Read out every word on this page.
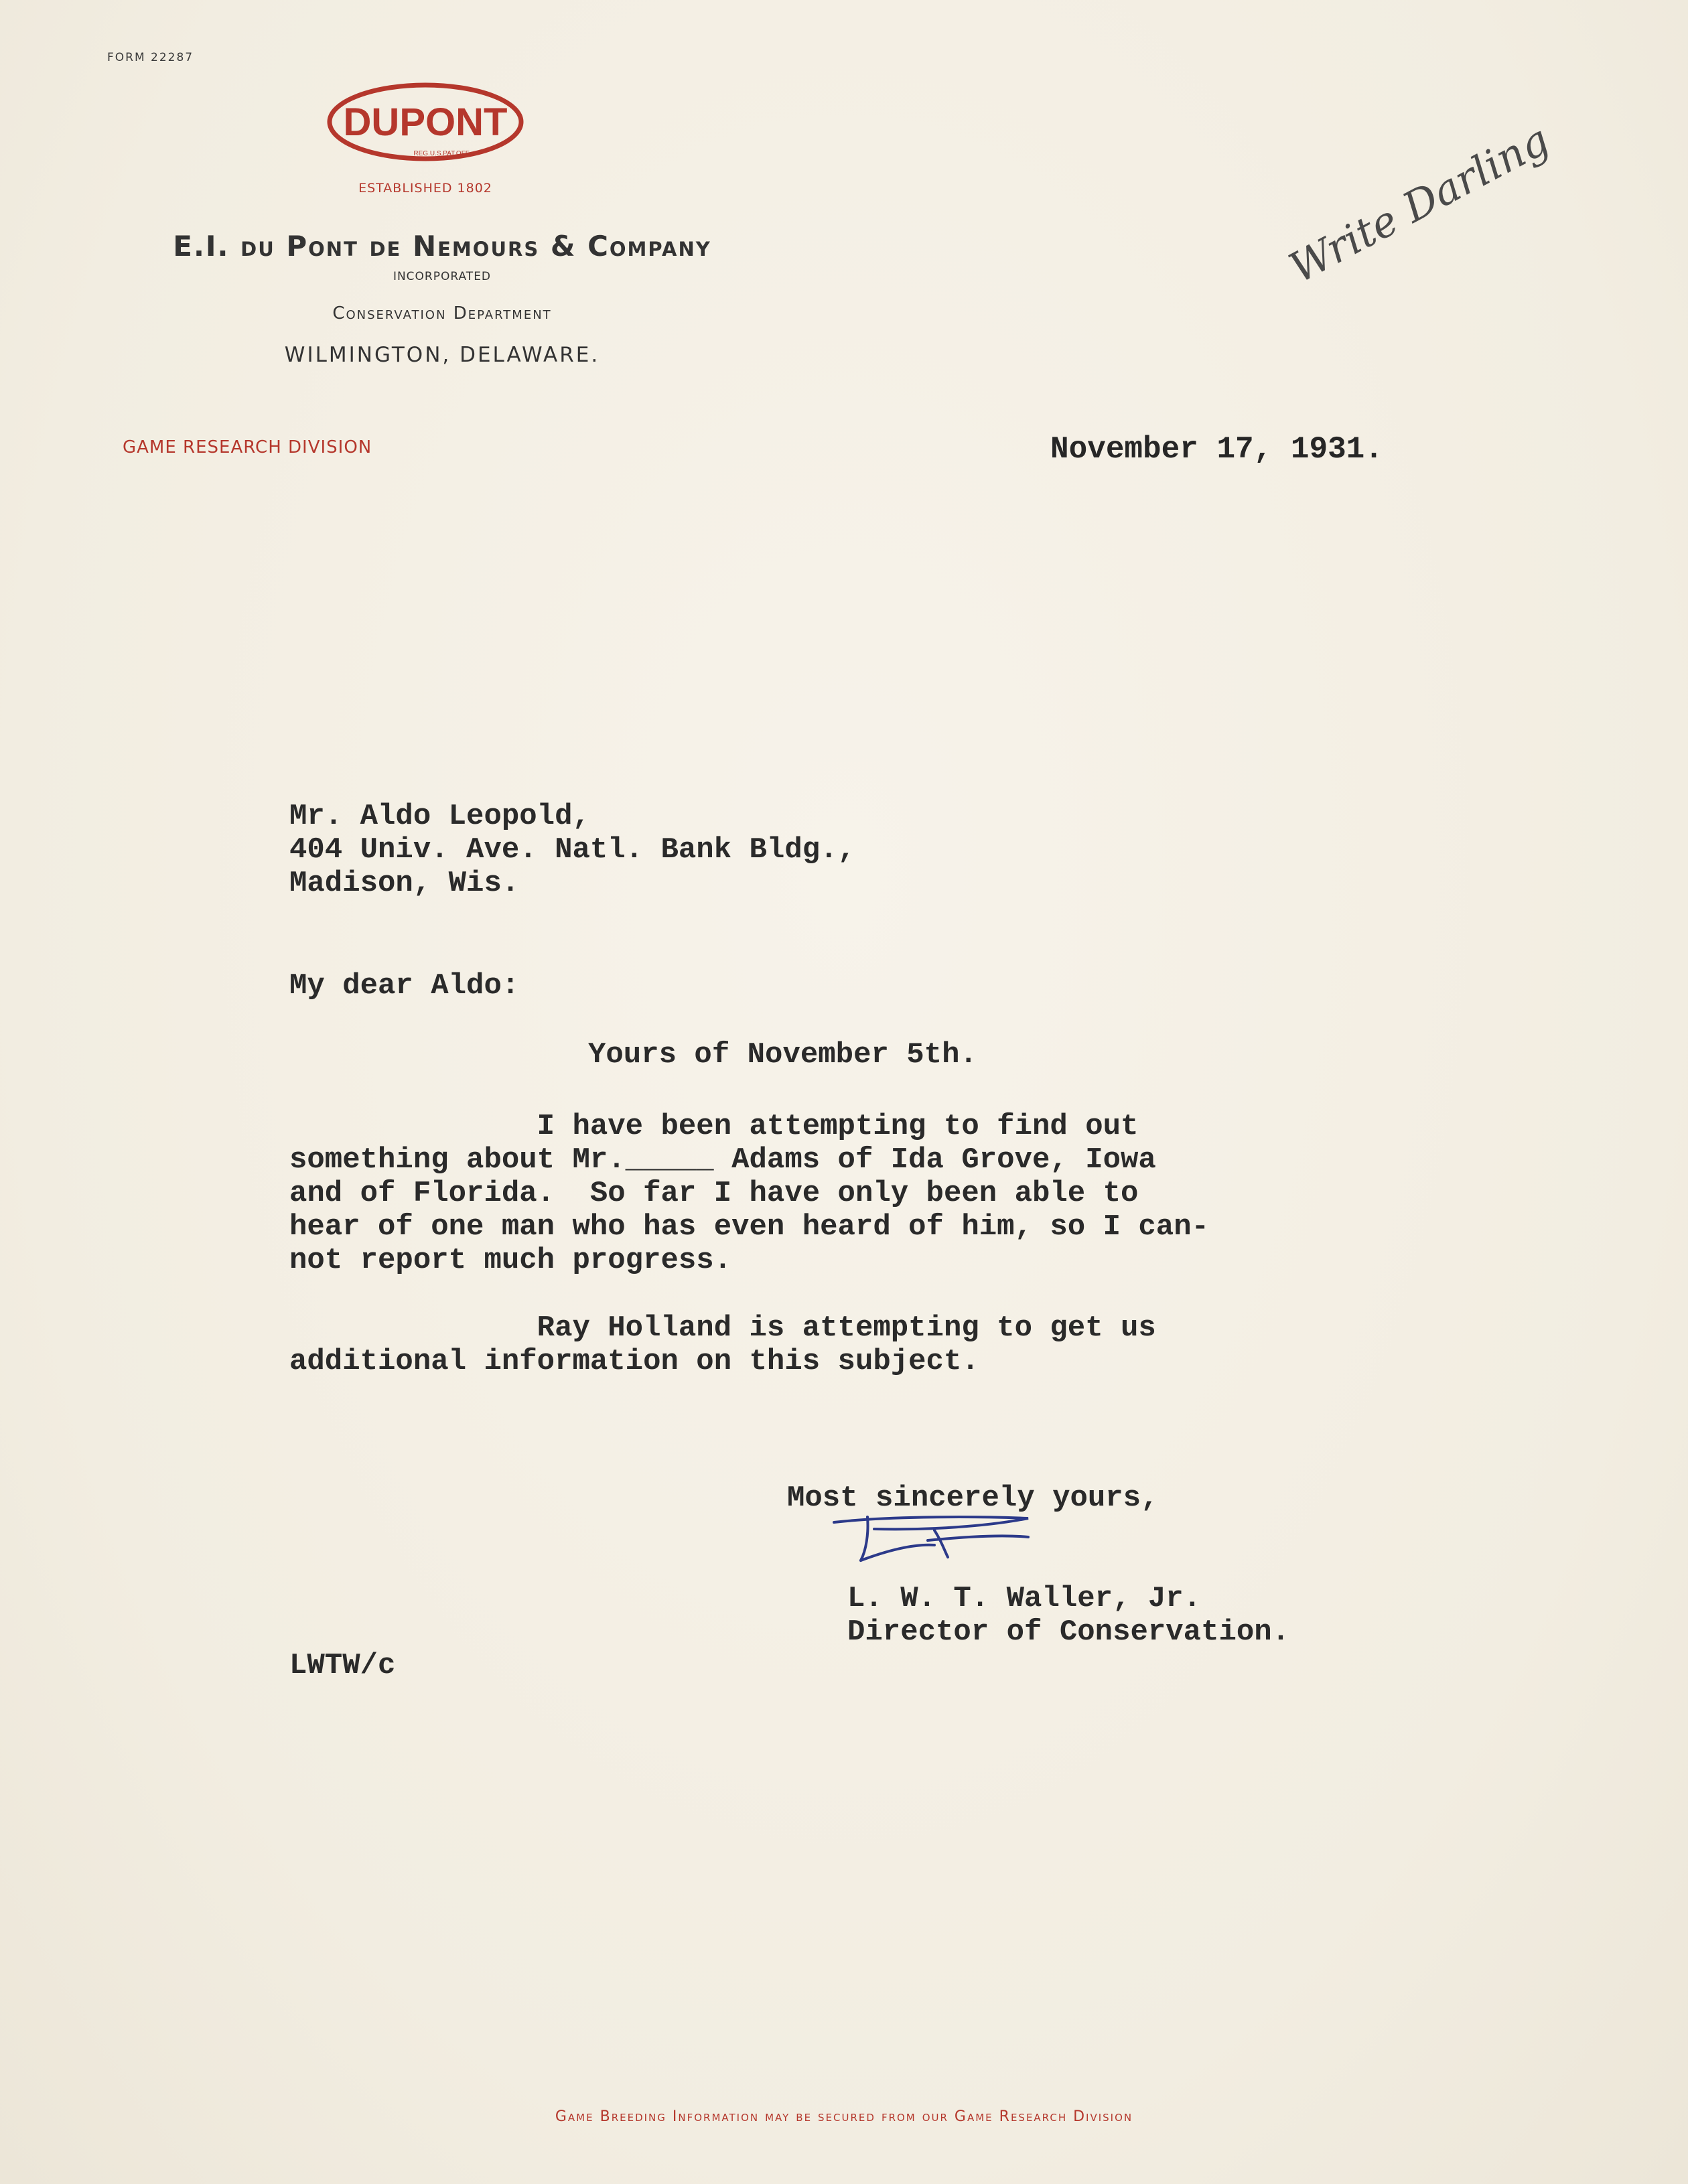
FORM 22287
DUPONT
REG.U.S.PAT.OFF.
ESTABLISHED 1802
E.I. du Pont de Nemours & Company
INCORPORATED
Conservation Department
WILMINGTON, DELAWARE.
GAME RESEARCH DIVISION
Write Darling
November 17, 1931.
Mr. Aldo Leopold,
404 Univ. Ave. Natl. Bank Bldg.,
Madison, Wis.
My dear Aldo:
Yours of November 5th.
I have been attempting to find out
something about Mr._____ Adams of Ida Grove, Iowa
and of Florida.  So far I have only been able to
hear of one man who has even heard of him, so I can-
not report much progress.
Ray Holland is attempting to get us
additional information on this subject.
Most sincerely yours,
L. W. T. Waller, Jr.
Director of Conservation.
LWTW/c
Game Breeding Information may be secured from our Game Research Division
